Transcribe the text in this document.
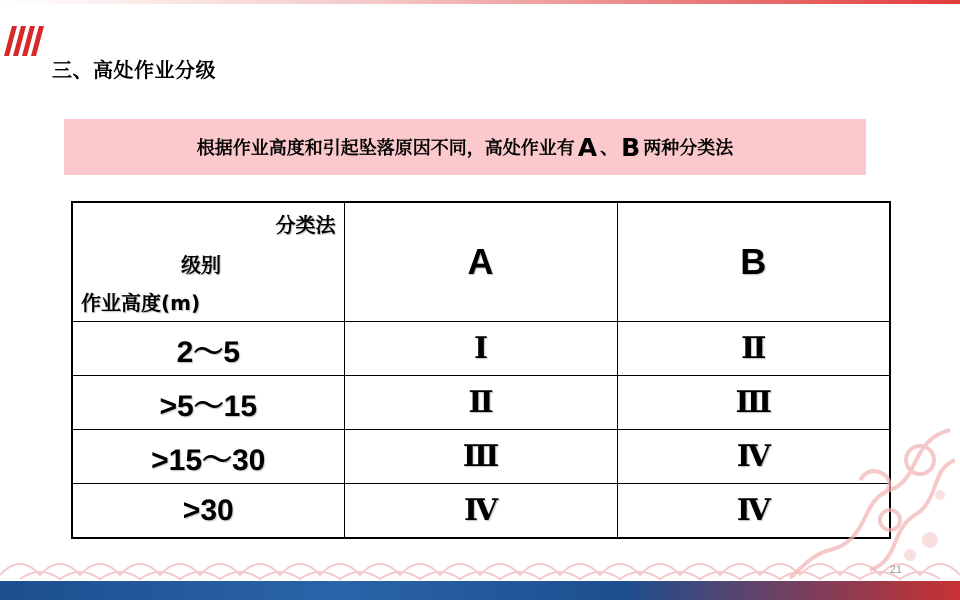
三、高处作业分级
根据作业高度和引起坠落原因不同，高处作业有 A 、 B 两种分类法
分类法
级别
作业高度(m)	A	B
2～5	Ⅰ	Ⅱ
>5～15	Ⅱ	Ⅲ
>15～30	Ⅲ	Ⅳ
>30	Ⅳ	Ⅳ
21
